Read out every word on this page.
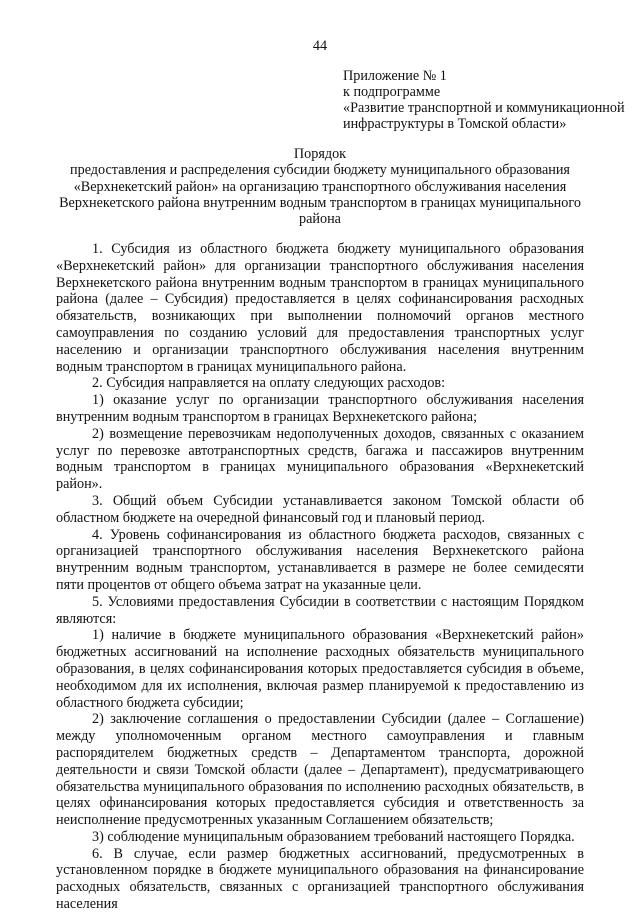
44
Приложение № 1
к подпрограмме
«Развитие транспортной и коммуникационной
инфраструктуры в Томской области»
Порядок
предоставления и распределения субсидии бюджету муниципального образования
«Верхнекетский район» на организацию транспортного обслуживания населения
Верхнекетского района внутренним водным транспортом в границах муниципального
района

1. Субсидия из областного бюджета бюджету муниципального образования «Верхнекетский район» для организации транспортного обслуживания населения Верхнекетского района внутренним водным транспортом в границах муниципального района (далее – Субсидия) предоставляется в целях софинансирования расходных обязательств, возникающих при выполнении полномочий органов местного самоуправления по созданию условий для предоставления транспортных услуг населению и организации транспортного обслуживания населения внутренним водным транспортом в границах муниципального района.

2. Субсидия направляется на оплату следующих расходов:

1) оказание услуг по организации транспортного обслуживания населения внутренним водным транспортом в границах Верхнекетского района;

2) возмещение перевозчикам недополученных доходов, связанных с оказанием услуг по перевозке автотранспортных средств, багажа и пассажиров внутренним водным транспортом в границах муниципального образования «Верхнекетский район».

3. Общий объем Субсидии устанавливается законом Томской области об областном бюджете на очередной финансовый год и плановый период.

4. Уровень софинансирования из областного бюджета расходов, связанных с организацией транспортного обслуживания населения Верхнекетского района внутренним водным транспортом, устанавливается в размере не более семидесяти пяти процентов от общего объема затрат на указанные цели.

5. Условиями предоставления Субсидии в соответствии с настоящим Порядком являются:

1) наличие в бюджете муниципального образования «Верхнекетский район» бюджетных ассигнований на исполнение расходных обязательств муниципального образования, в целях софинансирования которых предоставляется субсидия в объеме, необходимом для их исполнения, включая размер планируемой к предоставлению из областного бюджета субсидии;

2) заключение соглашения о предоставлении Субсидии (далее – Соглашение) между уполномоченным органом местного самоуправления и главным распорядителем бюджетных средств – Департаментом транспорта, дорожной деятельности и связи Томской области (далее – Департамент), предусматривающего обязательства муниципального образования по исполнению расходных обязательств, в целях офинансирования которых предоставляется субсидия и ответственность за неисполнение предусмотренных указанным Соглашением обязательств;

3) соблюдение муниципальным образованием требований настоящего Порядка.

6. В случае, если размер бюджетных ассигнований, предусмотренных в установленном порядке в бюджете муниципального образования на финансирование расходных обязательств, связанных с организацией транспортного обслуживания населения
